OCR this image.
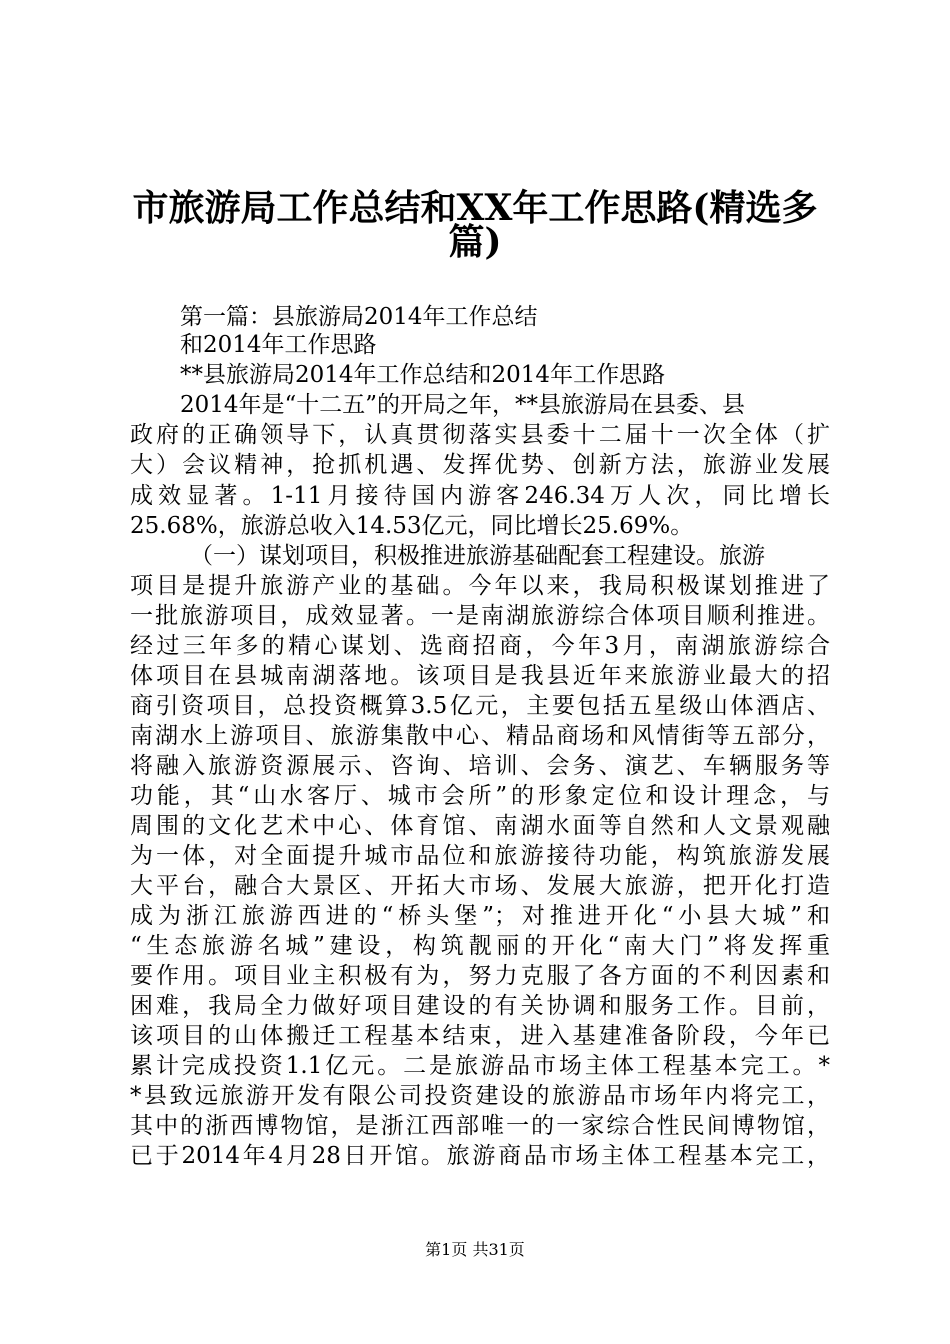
市旅游局工作总结和XX年工作思路(精选多
篇)
第一篇：县旅游局2014年工作总结
和2014年工作思路
**县旅游局2014年工作总结和2014年工作思路
2014年是“十二五”的开局之年，**县旅游局在县委、县
政府的正确领导下，认真贯彻落实县委十二届十一次全体（扩
大）会议精神，抢抓机遇、发挥优势、创新方法，旅游业发展
成效显著。1-11月接待国内游客246.34万人次，同比增长
25.68%，旅游总收入14.53亿元，同比增长25.69%。
（一）谋划项目，积极推进旅游基础配套工程建设。旅游
项目是提升旅游产业的基础。今年以来，我局积极谋划推进了
一批旅游项目，成效显著。一是南湖旅游综合体项目顺利推进。
经过三年多的精心谋划、选商招商，今年3月，南湖旅游综合
体项目在县城南湖落地。该项目是我县近年来旅游业最大的招
商引资项目，总投资概算3.5亿元，主要包括五星级山体酒店、
南湖水上游项目、旅游集散中心、精品商场和风情街等五部分，
将融入旅游资源展示、咨询、培训、会务、演艺、车辆服务等
功能，其“山水客厅、城市会所”的形象定位和设计理念，与
周围的文化艺术中心、体育馆、南湖水面等自然和人文景观融
为一体，对全面提升城市品位和旅游接待功能，构筑旅游发展
大平台，融合大景区、开拓大市场、发展大旅游，把开化打造
成为浙江旅游西进的“桥头堡”；对推进开化“小县大城”和
“生态旅游名城”建设，构筑靓丽的开化“南大门”将发挥重
要作用。项目业主积极有为，努力克服了各方面的不利因素和
困难，我局全力做好项目建设的有关协调和服务工作。目前，
该项目的山体搬迁工程基本结束，进入基建准备阶段，今年已
累计完成投资1.1亿元。二是旅游品市场主体工程基本完工。*
*县致远旅游开发有限公司投资建设的旅游品市场年内将完工，
其中的浙西博物馆，是浙江西部唯一的一家综合性民间博物馆，
已于2014年4月28日开馆。旅游商品市场主体工程基本完工，
第1页 共31页
